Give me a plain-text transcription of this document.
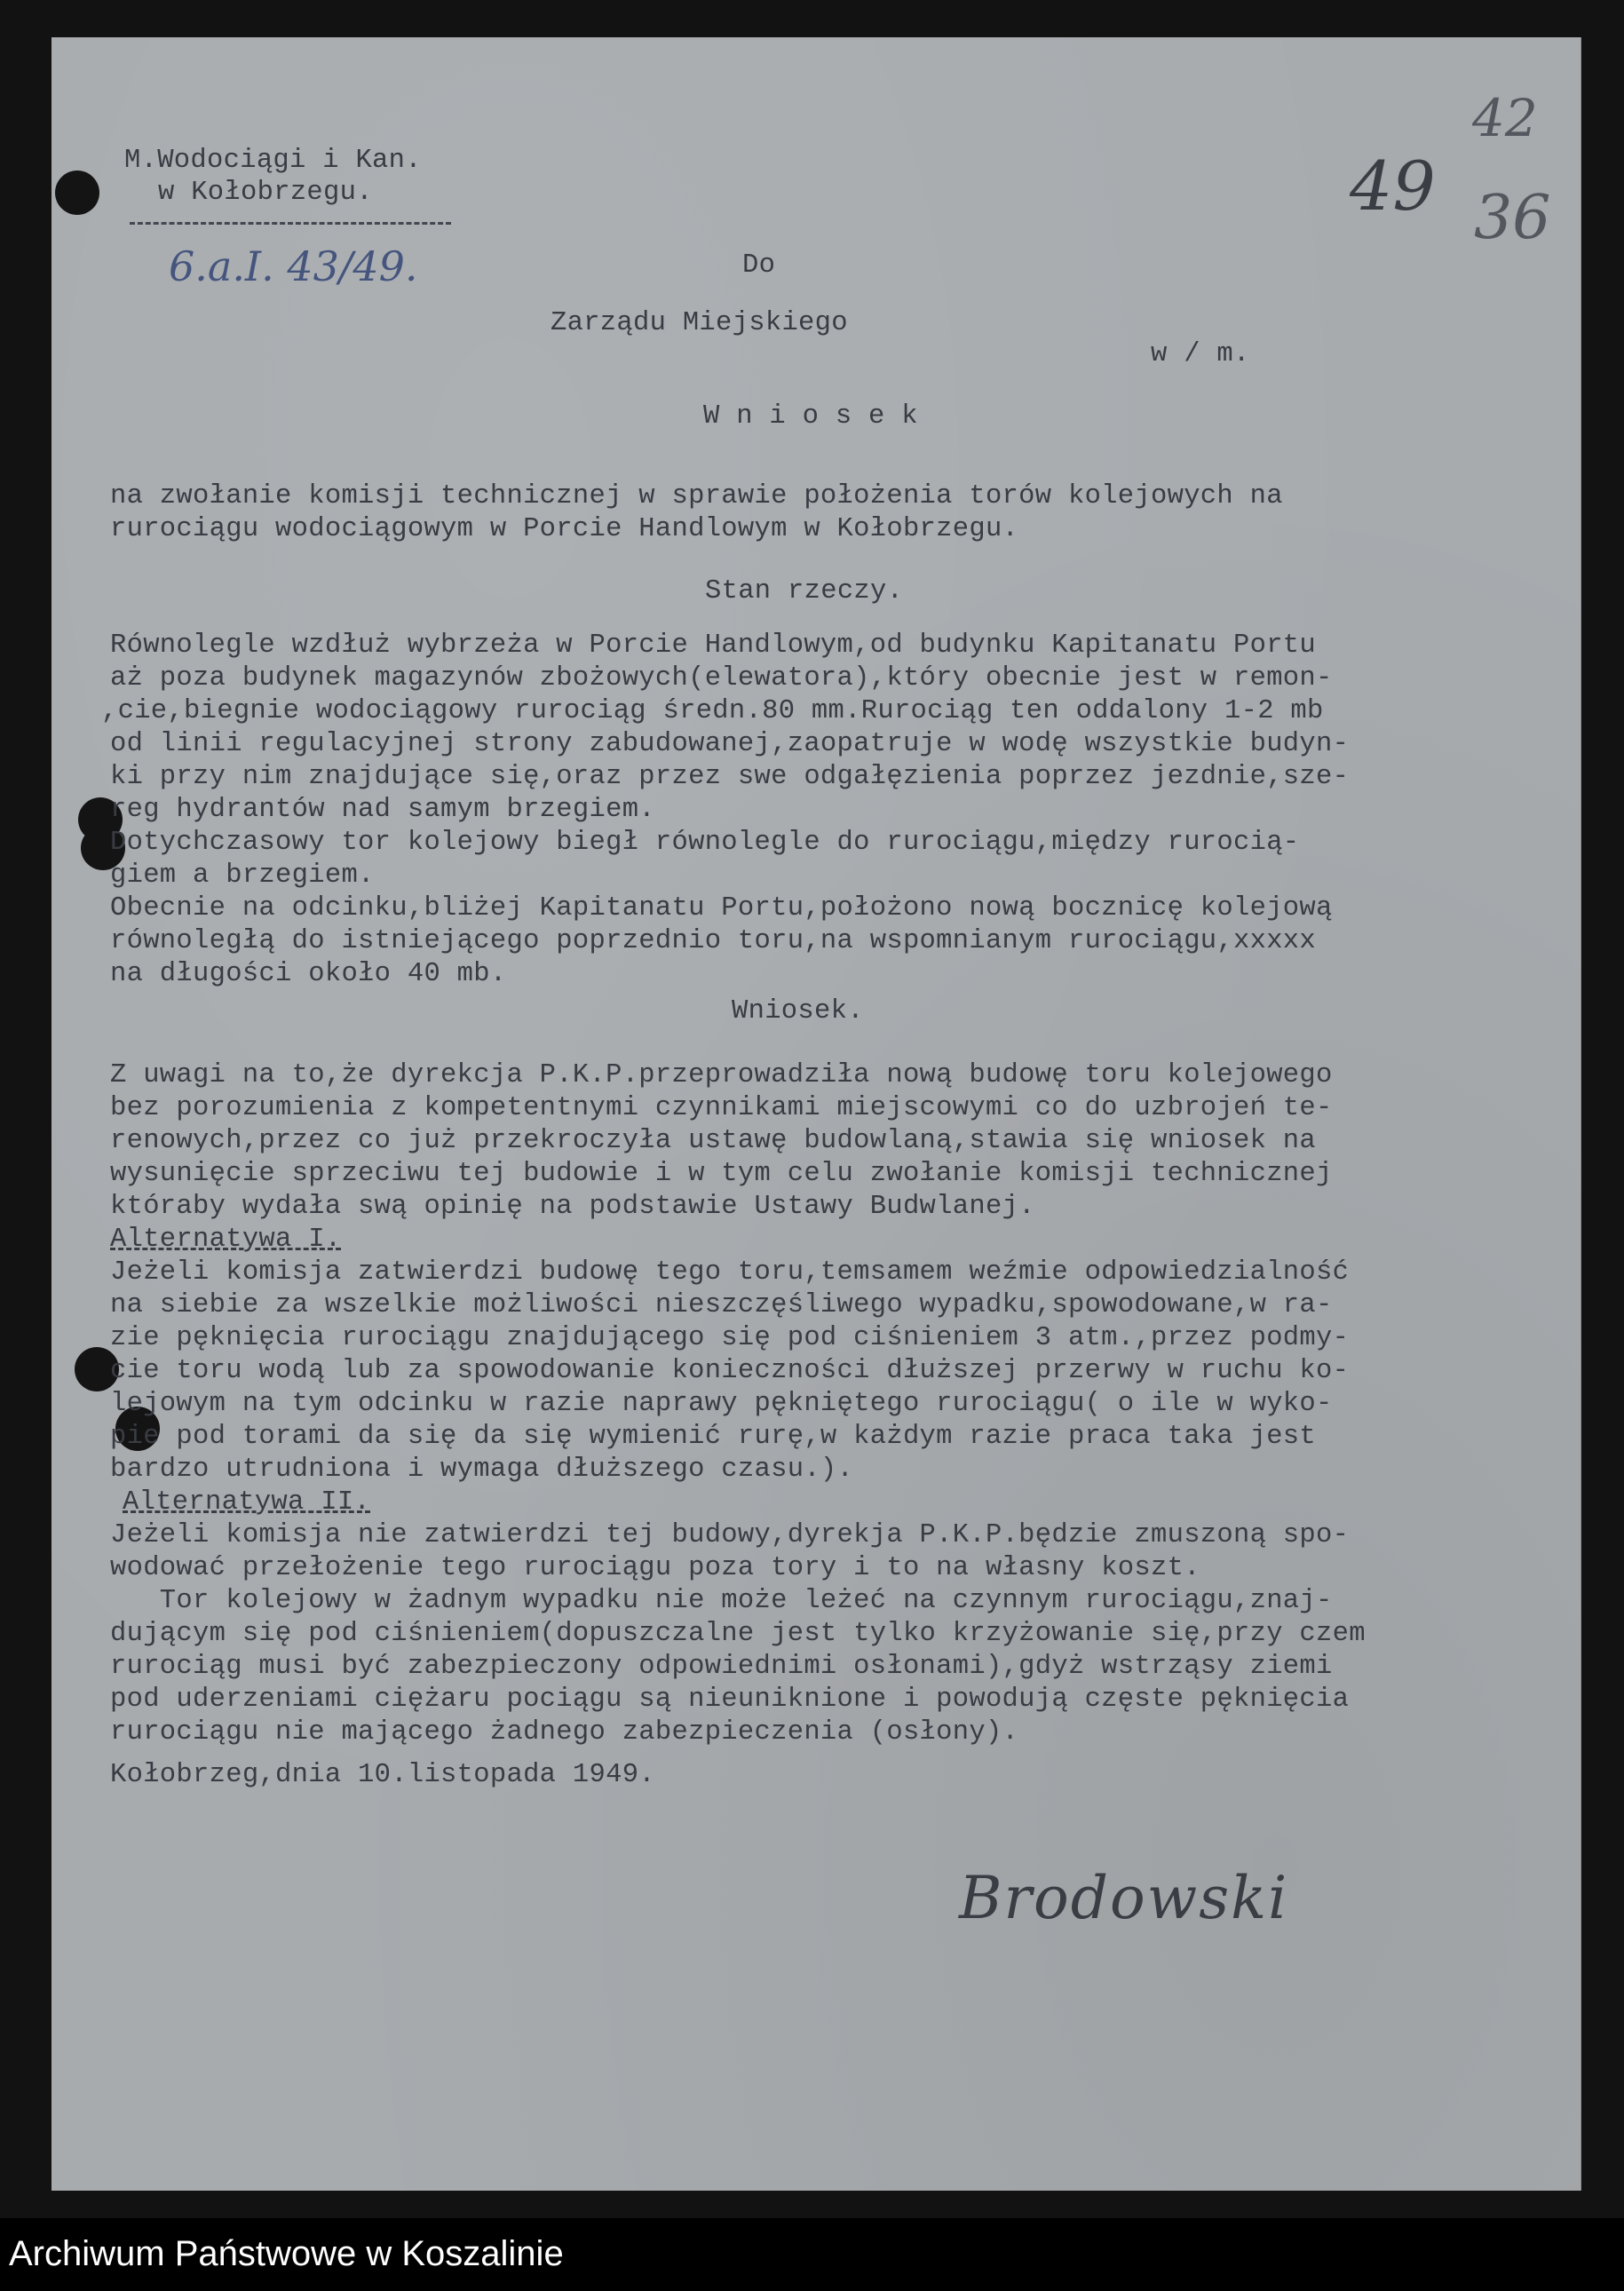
M.Wodociągi i Kan.
w Kołobrzegu.
6.a.I. 43/49.
49
42
36
Do
Zarządu Miejskiego
w / m.
W n i o s e k
na zwołanie komisji technicznej w sprawie położenia torów kolejowych na
rurociągu wodociągowym w Porcie Handlowym w Kołobrzegu.
Stan rzeczy.
Równolegle wzdłuż wybrzeża w Porcie Handlowym,od budynku Kapitanatu Portu
aż poza budynek magazynów zbożowych(elewatora),który obecnie jest w remon-
,cie,biegnie wodociągowy rurociąg średn.80 mm.Rurociąg ten oddalony 1-2 mb
od linii regulacyjnej strony zabudowanej,zaopatruje w wodę wszystkie budyn-
ki przy nim znajdujące się,oraz przez swe odgałęzienia poprzez jezdnie,sze-
reg hydrantów nad samym brzegiem.
Dotychczasowy tor kolejowy biegł równolegle do rurociągu,między rurocią-
giem a brzegiem.
Obecnie na odcinku,bliżej Kapitanatu Portu,położono nową bocznicę kolejową
równoległą do istniejącego poprzednio toru,na wspomnianym rurociągu,xxxxx
na długości około 40 mb.
Wniosek.
Z uwagi na to,że dyrekcja P.K.P.przeprowadziła nową budowę toru kolejowego
bez porozumienia z kompetentnymi czynnikami miejscowymi co do uzbrojeń te-
renowych,przez co już przekroczyła ustawę budowlaną,stawia się wniosek na
wysunięcie sprzeciwu tej budowie i w tym celu zwołanie komisji technicznej
któraby wydała swą opinię na podstawie Ustawy Budwlanej.
Alternatywa I.
Jeżeli komisja zatwierdzi budowę tego toru,temsamem weźmie odpowiedzialność
na siebie za wszelkie możliwości nieszczęśliwego wypadku,spowodowane,w ra-
zie pęknięcia rurociągu znajdującego się pod ciśnieniem 3 atm.,przez podmy-
cie toru wodą lub za spowodowanie konieczności dłuższej przerwy w ruchu ko-
lejowym na tym odcinku w razie naprawy pękniętego rurociągu( o ile w wyko-
pie pod torami da się da się wymienić rurę,w każdym razie praca taka jest
bardzo utrudniona i wymaga dłuższego czasu.).
Alternatywa II.
Jeżeli komisja nie zatwierdzi tej budowy,dyrekja P.K.P.będzie zmuszoną spo-
wodować przełożenie tego rurociągu poza tory i to na własny koszt.
Tor kolejowy w żadnym wypadku nie może leżeć na czynnym rurociągu,znaj-
dującym się pod ciśnieniem(dopuszczalne jest tylko krzyżowanie się,przy czem
rurociąg musi być zabezpieczony odpowiednimi osłonami),gdyż wstrząsy ziemi
pod uderzeniami ciężaru pociągu są nieuniknione i powodują częste pęknięcia
rurociągu nie mającego żadnego zabezpieczenia (osłony).
Kołobrzeg,dnia 10.listopada 1949.
Brodowski
Archiwum Państwowe w Koszalinie
